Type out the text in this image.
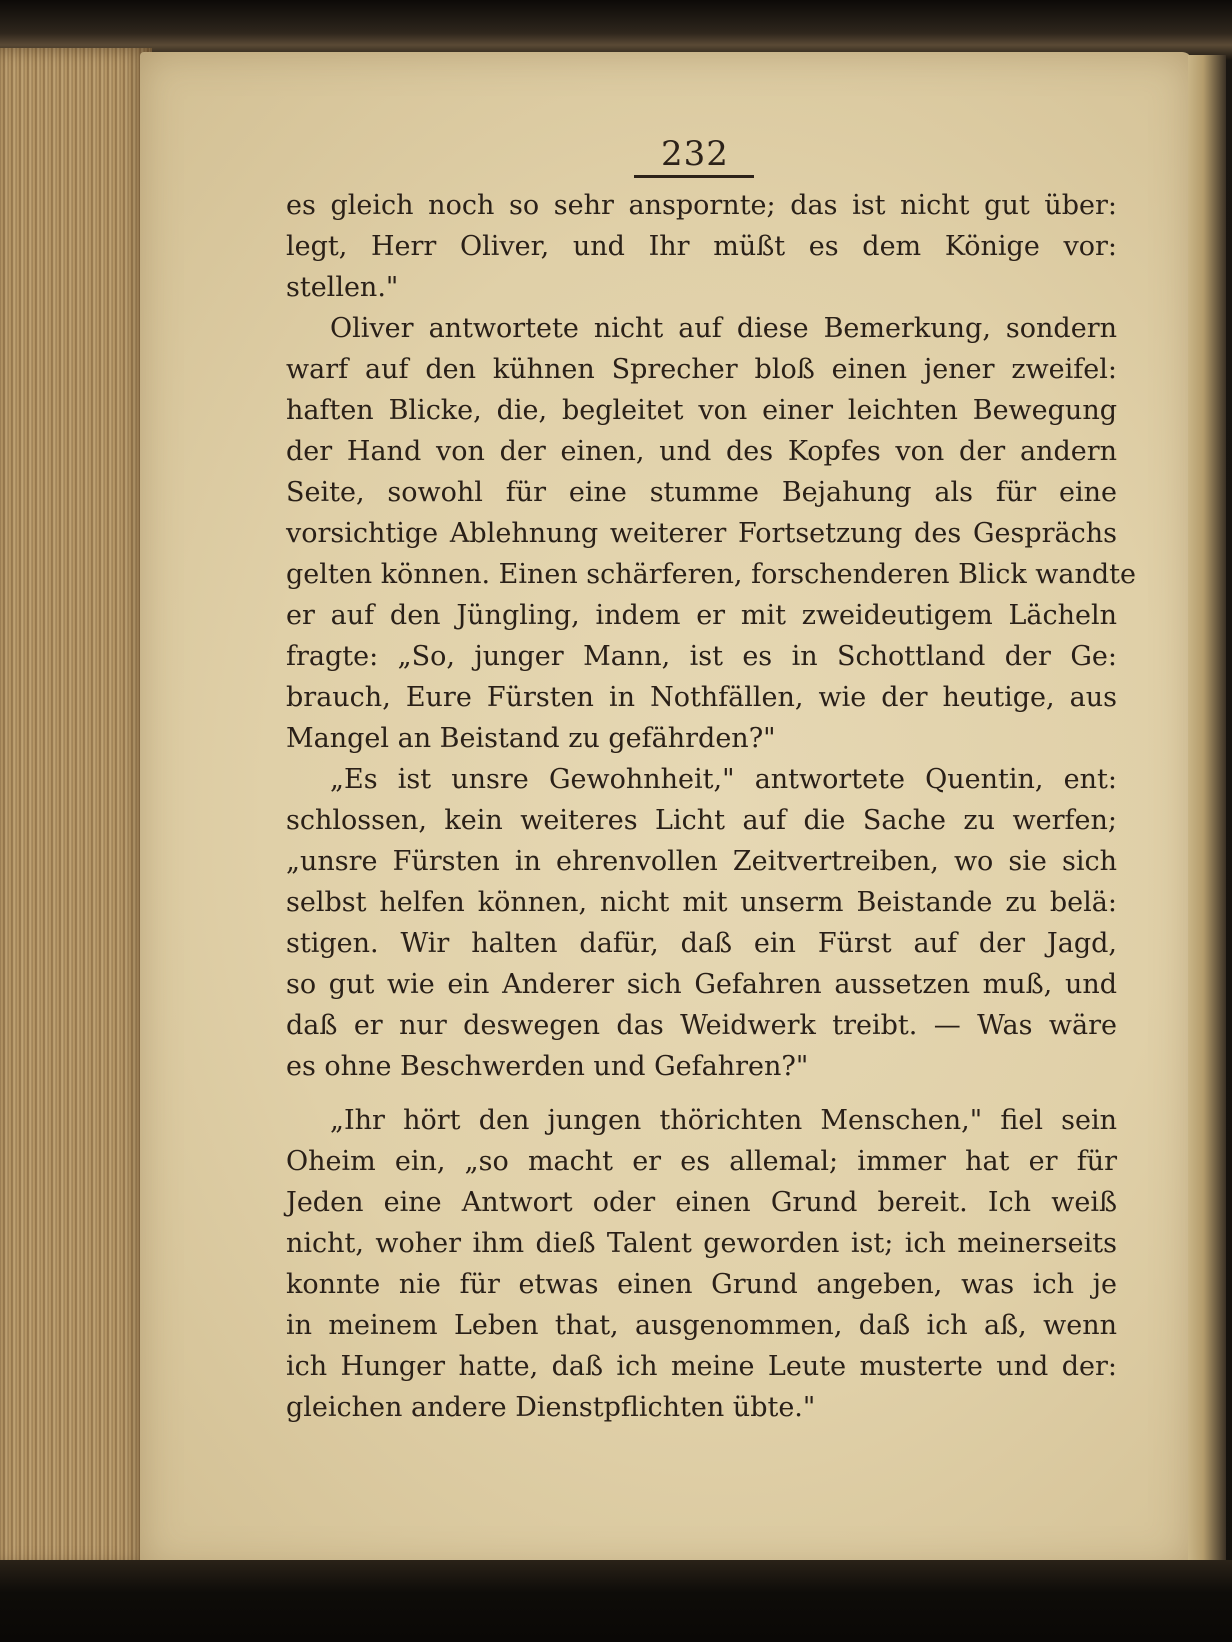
232
es gleich noch so sehr anspornte; das ist nicht gut über:
legt, Herr Oliver, und Ihr müßt es dem Könige vor:
stellen."
Oliver antwortete nicht auf diese Bemerkung, sondern
warf auf den kühnen Sprecher bloß einen jener zweifel:
haften Blicke, die, begleitet von einer leichten Bewegung
der Hand von der einen, und des Kopfes von der andern
Seite, sowohl für eine stumme Bejahung als für eine
vorsichtige Ablehnung weiterer Fortsetzung des Gesprächs
gelten können. Einen schärferen, forschenderen Blick wandte
er auf den Jüngling, indem er mit zweideutigem Lächeln
fragte: „So, junger Mann, ist es in Schottland der Ge:
brauch, Eure Fürsten in Nothfällen, wie der heutige, aus
Mangel an Beistand zu gefährden?"
„Es ist unsre Gewohnheit," antwortete Quentin, ent:
schlossen, kein weiteres Licht auf die Sache zu werfen;
„unsre Fürsten in ehrenvollen Zeitvertreiben, wo sie sich
selbst helfen können, nicht mit unserm Beistande zu belä:
stigen. Wir halten dafür, daß ein Fürst auf der Jagd,
so gut wie ein Anderer sich Gefahren aussetzen muß, und
daß er nur deswegen das Weidwerk treibt. — Was wäre
es ohne Beschwerden und Gefahren?"
„Ihr hört den jungen thörichten Menschen," fiel sein
Oheim ein, „so macht er es allemal; immer hat er für
Jeden eine Antwort oder einen Grund bereit. Ich weiß
nicht, woher ihm dieß Talent geworden ist; ich meinerseits
konnte nie für etwas einen Grund angeben, was ich je
in meinem Leben that, ausgenommen, daß ich aß, wenn
ich Hunger hatte, daß ich meine Leute musterte und der:
gleichen andere Dienstpflichten übte."
